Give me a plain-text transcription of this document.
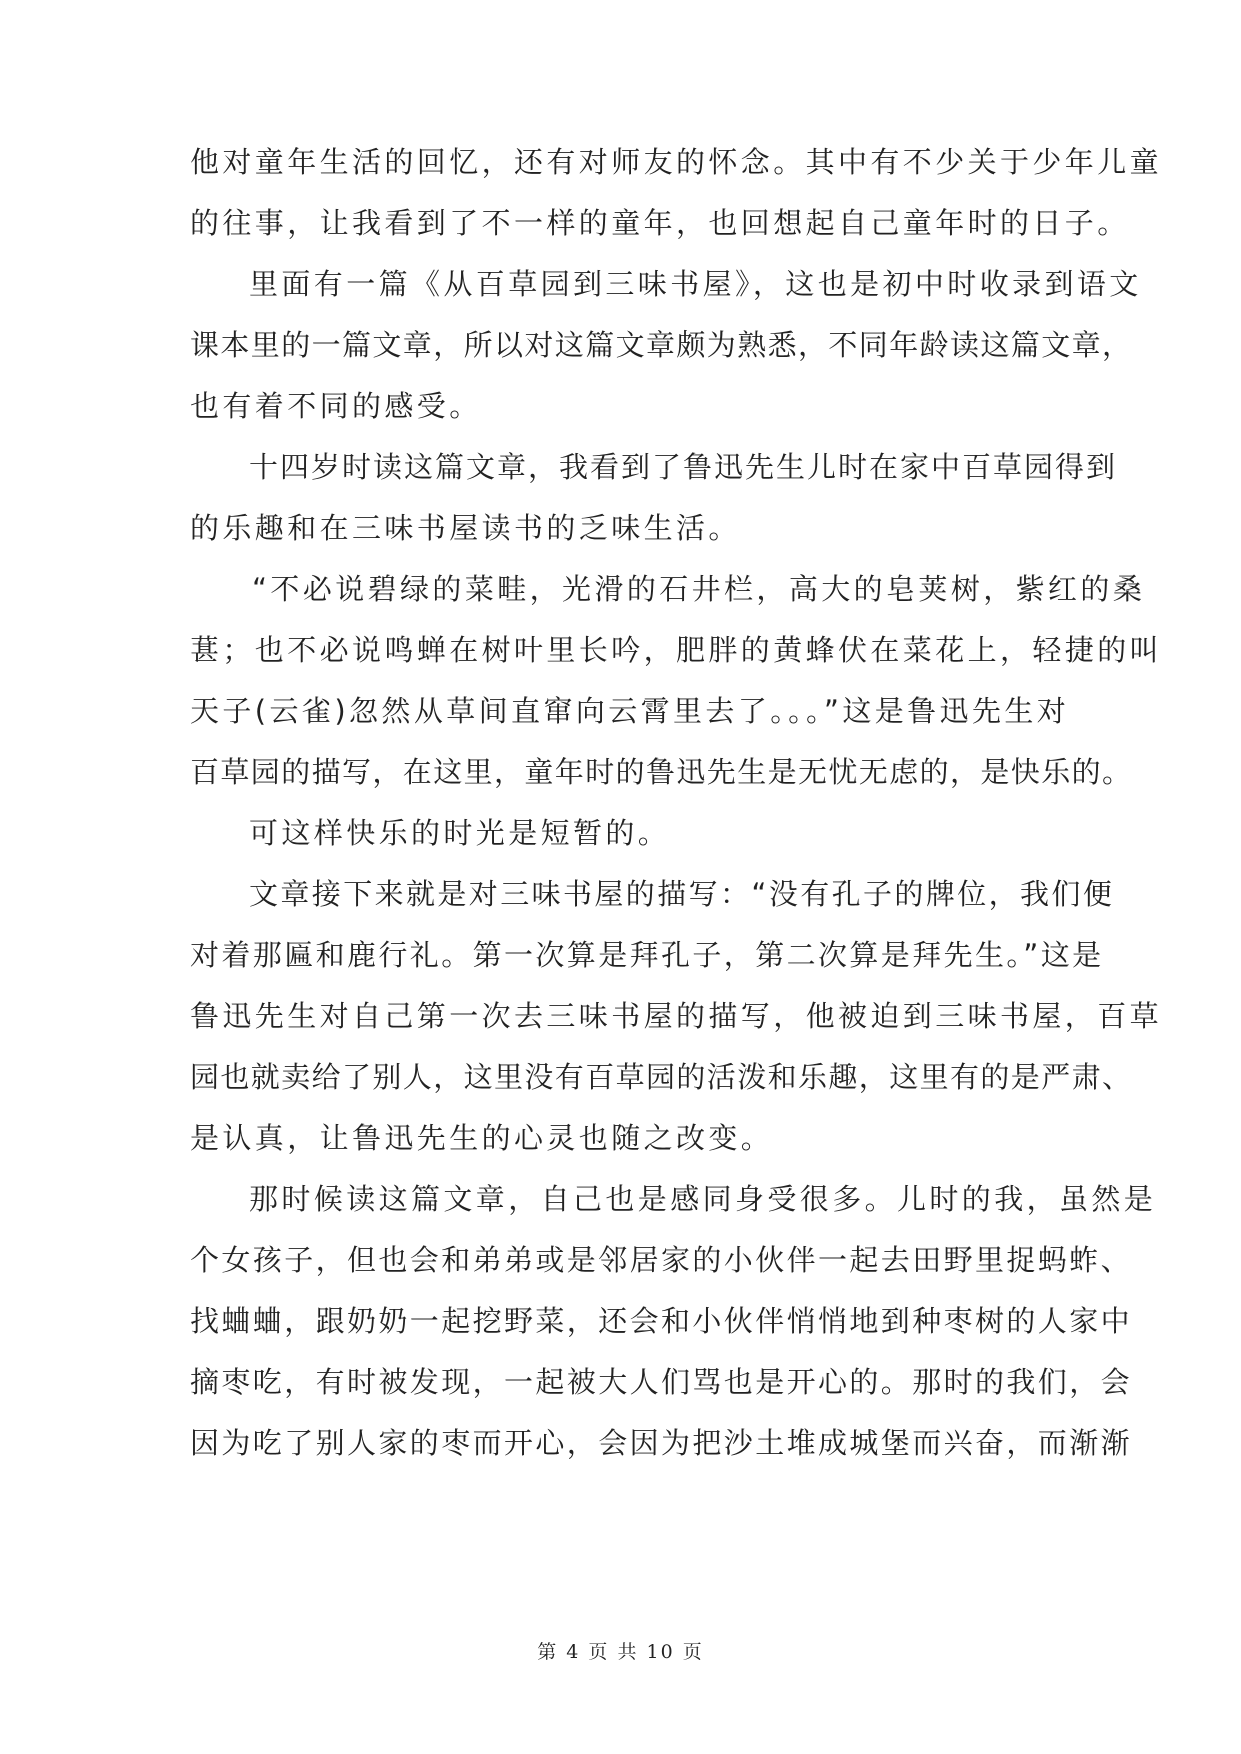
他对童年生活的回忆，还有对师友的怀念。其中有不少关于少年儿童
的往事，让我看到了不一样的童年，也回想起自己童年时的日子。
里面有一篇《从百草园到三味书屋》，这也是初中时收录到语文
课本里的一篇文章，所以对这篇文章颇为熟悉，不同年龄读这篇文章，
也有着不同的感受。
十四岁时读这篇文章，我看到了鲁迅先生儿时在家中百草园得到
的乐趣和在三味书屋读书的乏味生活。
“不必说碧绿的菜畦，光滑的石井栏，高大的皂荚树，紫红的桑
葚；也不必说鸣蝉在树叶里长吟，肥胖的黄蜂伏在菜花上，轻捷的叫
天子(云雀)忽然从草间直窜向云霄里去了。。。”这是鲁迅先生对
百草园的描写，在这里，童年时的鲁迅先生是无忧无虑的，是快乐的。
可这样快乐的时光是短暂的。
文章接下来就是对三味书屋的描写：“没有孔子的牌位，我们便
对着那匾和鹿行礼。第一次算是拜孔子，第二次算是拜先生。”这是
鲁迅先生对自己第一次去三味书屋的描写，他被迫到三味书屋，百草
园也就卖给了别人，这里没有百草园的活泼和乐趣，这里有的是严肃、
是认真，让鲁迅先生的心灵也随之改变。
那时候读这篇文章，自己也是感同身受很多。儿时的我，虽然是
个女孩子，但也会和弟弟或是邻居家的小伙伴一起去田野里捉蚂蚱、
找蛐蛐，跟奶奶一起挖野菜，还会和小伙伴悄悄地到种枣树的人家中
摘枣吃，有时被发现，一起被大人们骂也是开心的。那时的我们，会
因为吃了别人家的枣而开心，会因为把沙土堆成城堡而兴奋，而渐渐
第 4 页 共 10 页
